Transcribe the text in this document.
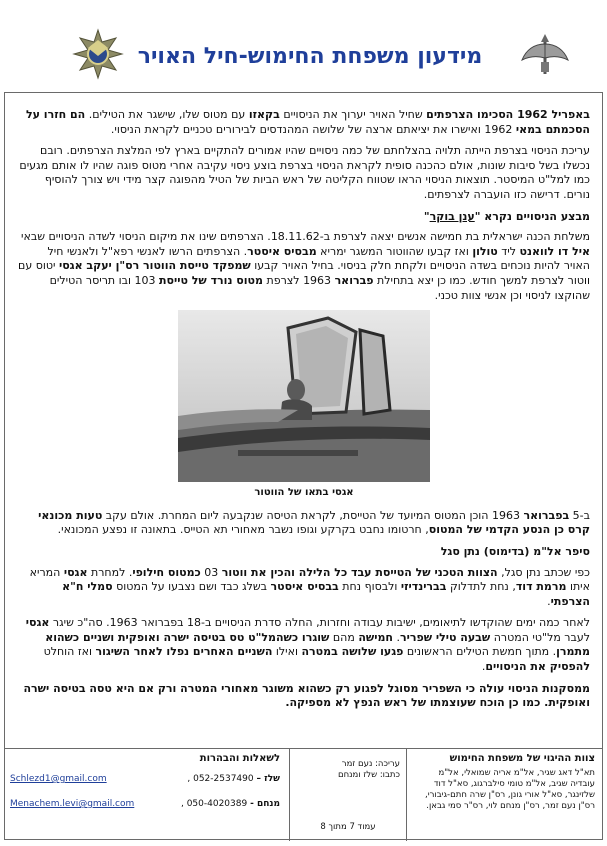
מידעון משפחת החימוש-חיל האויר

באפריל 1962 הסכימו הצרפתים שחיל האויר יערוך את הניסויים בקאזו עם מטוס שלו, שישגר את הטילים. הם חזרו על הסכמתם במאי 1962 ואישרו את יציאתם ארצה של שלושה המהנדסים לבירורים טכניים לקראת הניסוי.

עריכת הניסוי בצרפת הייתה תלויה בהצלחתם של כמה ניסויים שהיו אמורים להתקיים בארץ לפי המלצת הצרפתים. רובם נכשלו בשל סיבות שונות, אולם כהכנה סופית לקראת הניסוי בצרפת בוצע ניסוי עקיבה אחרי מטוס פוגה שהיו לו אותם מגעים כמו למל"ט המיסטר. תוצאות הניסוי הראו שטווח הקליטה של ראש הביות של הטיל מהפוגה קצר מידי ויש צורך להוסיף נורים. דרישה כזו הועברה לצרפתים.

מבצע הניסויים נקרא "ענן בוקר"

משלחת הכנה ישראלית בת חמישה אנשים יצאה לצרפת ב-18.11.62. הצרפתים שינו את מיקום הניסוי לשדה הניסויים שבאי איל דו לוואנט ליד טולון ואז קבעו שהווטור המשגר ימריא מבסיס איסטר. הצרפתים הרשו לאנשי רפא"ל ולאנשי חיל האויר להיות נוכחים בשדה הניסויים ולקחת חלק בניסוי. בחיל האויר קבעו שמפקד טייסת הווטור רס"ן יעקב אגסי יטוס עם ווטור לצרפת למשך חודש. כמו כן יצא בתחילת פברואר 1963 לצרפת מטוס נורד של טייסת 103 ובו תריסר הטילים שהוקצו לניסוי וכן אנשי צוות טכני.

אגסי בתאו של הווטור

ב-5 בפברואר 1963 הוכן המטוס המיועד של הטייסת, לקראת הטיסה שנקבעה ליום המחרת. אולם עקב טעות מכונאי קרס כן הנסע הקדמי של המטוס, חרטומו נחבט בקרקע וגופו נשבר מאחורי תא הטייס. בתאונה זו נפצע המכונאי.

סיפר אל"מ (בדימוס) נתן סגל

כפי שכתב נתן סגל, הצוות הטכני של הטייסת עבד כל הלילה והכין את ווטור 03 כמטוס חילופי. למחרת אגסי המריא איתו מרמת דוד, נחת לתדלוק בברינדיזי ולבסוף נחת בבסיס איסטר בשלג כבד ושם נצבעו על המטוס סמלי ח"א הצרפתי.

לאחר כמה ימים שהוקדשו לתיאומים, ישיבות עבודה וחזרות, החלה סדרת הניסויים ב-18 בפברואר 1963. סה"כ שיגר אגסי לעבר מל"טי המטרה שבעה טילי שפריר. חמישה מהם שוגרו כשהמל"ט טס בטיסה ישרה ואופקית ושניים כשהוא מתמרן. מתוך חמשת הטילים הראשונים פגעו שלושה במטרה ואילו השניים האחרים נפלו לאחר השיגור ואז הוחלט להפסיק את הניסויים.

ממסקנות הניסוי עולה כי השפריר מסוגל לפגוע רק כשהוא משוגר מאחורי המטרה ורק אם היא טסה בטיסה ישרה ואופקית. כמו כן הוכח שעוצמתו של ראש הנפץ לא מספיקה.

צוות ההיגוי של משפחת החימוש
תא"ל דאג שגיר, אל"מ אריה שמואלי, אל"מ עובדיה שגיב, אל"מ טומי סילברגוג, סא"ל דוד שלזינגר, סא"ל אורי גונן, רס"ן שרה חתם-גיבורי, רס"ן נעם זמר, רס"ן מנחם לוי, רס"ר סמי גבאן.
עריכה: נעם זמר
כתבו: שלז ומנחם
עמוד 7 מתוך 8
לשאלות והבהרות
שלז – 052-2537490 ,
Schlezd1@gmail.com
מנחם - 050-4020389 ,
Menachem.levi@gmail.com
